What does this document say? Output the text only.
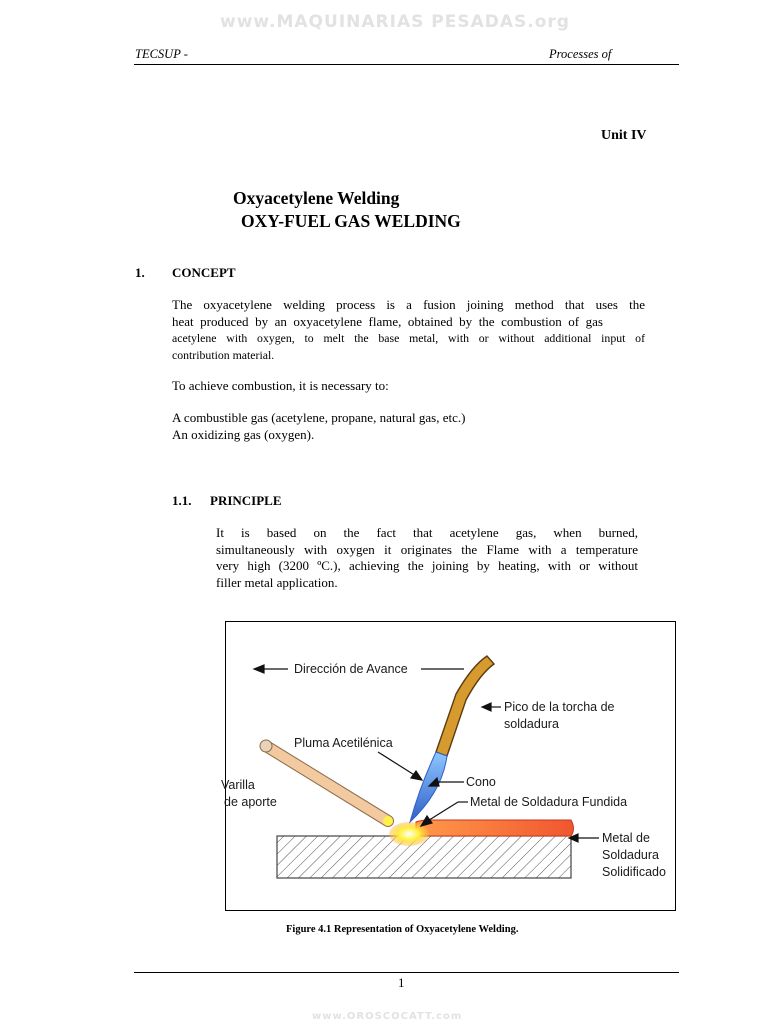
www.MAQUINARIAS PESADAS.org
TECSUP -	Processes of
Unit IV
Oxyacetylene Welding
OXY-FUEL GAS WELDING
1. CONCEPT
The oxyacetylene welding process is a fusion joining method that uses the
heat produced by an oxyacetylene flame, obtained by the combustion of gas
acetylene with oxygen, to melt the base metal, with or without additional input of
contribution material.
To achieve combustion, it is necessary to:
A combustible gas (acetylene, propane, natural gas, etc.)
An oxidizing gas (oxygen).
1.1. PRINCIPLE
It is based on the fact that acetylene gas, when burned,
simultaneously with oxygen it originates the Flame with a temperature
very high (3200 ºC.), achieving the joining by heating, with or without
filler metal application.
Dirección de Avance
Pico de la torcha de
soldadura
Pluma Acetilénica
Varilla
de aporte
Cono
Metal de Soldadura Fundida
Metal de
Soldadura
Solidificado
Figure 4.1 Representation of Oxyacetylene Welding.
1
www.OROSCOCATT.com
